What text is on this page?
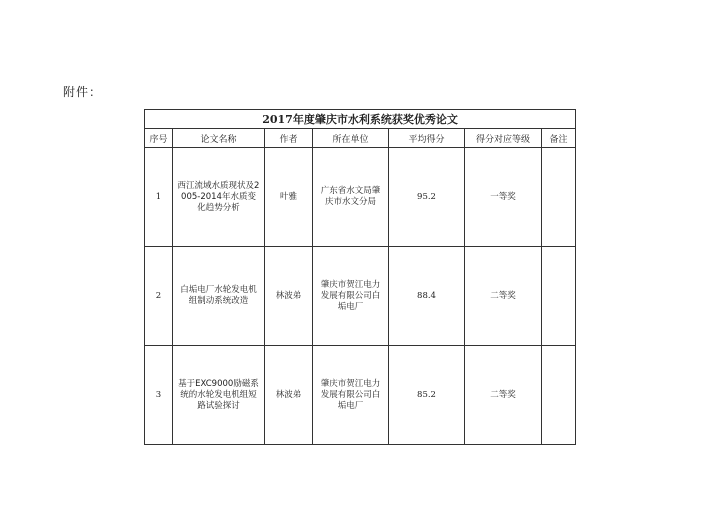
附件：
2017年度肇庆市水利系统获奖优秀论文						
序号	论文名称	作者	所在单位	平均得分	得分对应等级	备注
1	西江流域水质现状及2005-2014年水质变化趋势分析	叶雅	广东省水文局肇庆市水文分局	95.2	一等奖	
2	白垢电厂水轮发电机组制动系统改造	林波弟	肇庆市贺江电力发展有限公司白垢电厂	88.4	二等奖	
3	基于EXC9000励磁系统的水轮发电机组短路试验探讨	林波弟	肇庆市贺江电力发展有限公司白垢电厂	85.2	二等奖	
